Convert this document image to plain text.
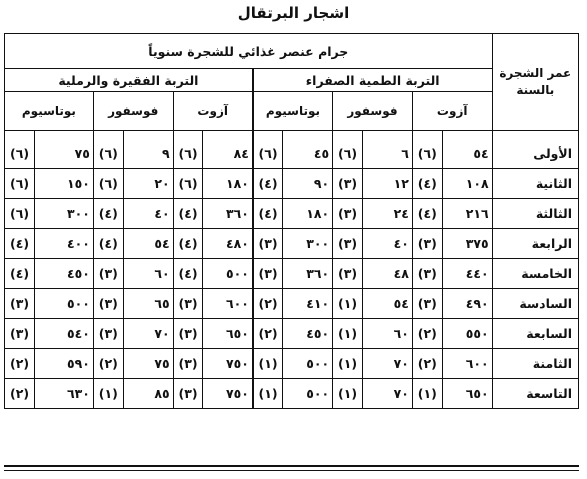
اشجار البرتقال
عمر الشجرة
بالسنة	جرام عنصر غذائي للشجرة سنوياً											
	التربة الطمية الصفراء						التربة الفقيرة والرملية					
	آزوت		فوسفور		بوتاسيوم		آزوت		فوسفور		بوتاسيوم	
الأولى	٥٤	(٦)	٦	(٦)	٤٥	(٦)	٨٤	(٦)	٩	(٦)	٧٥	(٦)
الثانية	١٠٨	(٤)	١٢	(٣)	٩٠	(٤)	١٨٠	(٦)	٢٠	(٦)	١٥٠	(٦)
الثالثة	٢١٦	(٤)	٢٤	(٣)	١٨٠	(٤)	٣٦٠	(٤)	٤٠	(٤)	٣٠٠	(٦)
الرابعة	٣٧٥	(٣)	٤٠	(٣)	٣٠٠	(٣)	٤٨٠	(٤)	٥٤	(٤)	٤٠٠	(٤)
الخامسة	٤٤٠	(٣)	٤٨	(٣)	٣٦٠	(٣)	٥٠٠	(٤)	٦٠	(٣)	٤٥٠	(٤)
السادسة	٤٩٠	(٣)	٥٤	(١)	٤١٠	(٢)	٦٠٠	(٣)	٦٥	(٣)	٥٠٠	(٣)
السابعة	٥٥٠	(٢)	٦٠	(١)	٤٥٠	(٢)	٦٥٠	(٣)	٧٠	(٣)	٥٤٠	(٣)
الثامنة	٦٠٠	(٢)	٧٠	(١)	٥٠٠	(١)	٧٥٠	(٣)	٧٥	(٢)	٥٩٠	(٢)
التاسعة	٦٥٠	(١)	٧٠	(١)	٥٠٠	(١)	٧٥٠	(٣)	٨٥	(١)	٦٣٠	(٢)
